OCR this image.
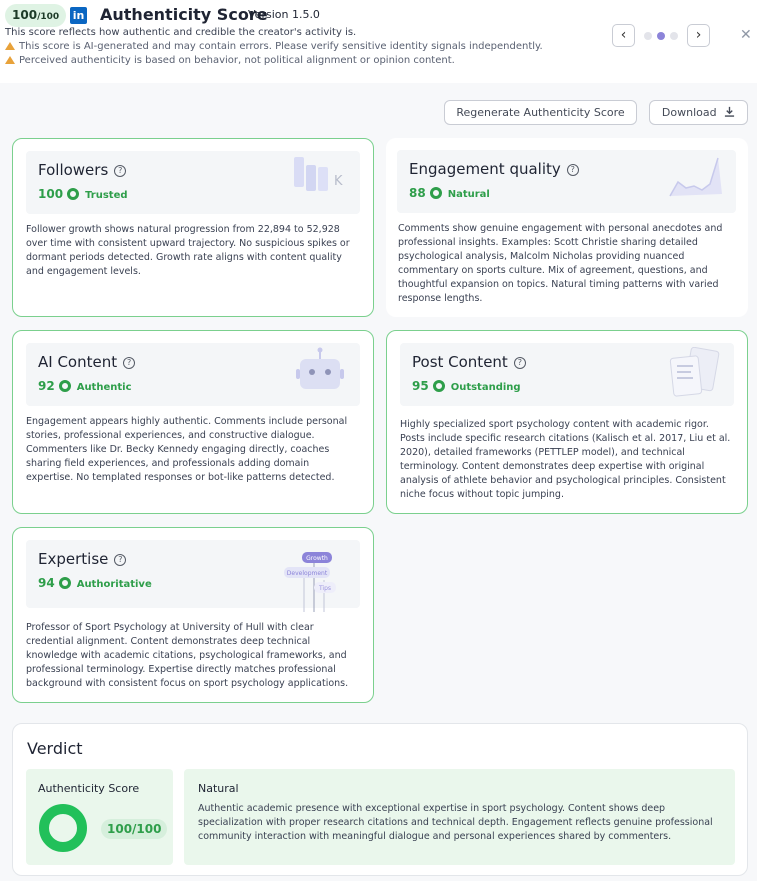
100/100	in Authenticity Score
Version 1.5.0
This score reflects how authentic and credible the creator's activity is.
This score is AI-generated and may contain errors. Please verify sensitive identity signals independently.
Perceived authenticity is based on behavior, not political alignment or opinion content.
‹	›	✕
Regenerate Authenticity Score	Download
Followers ?
100 Trusted
K
Follower growth shows natural progression from 22,894 to 52,928 over time with consistent upward trajectory. No suspicious spikes or dormant periods detected. Growth rate aligns with content quality and engagement levels.
Engagement quality ?
88 Natural
Comments show genuine engagement with personal anecdotes and professional insights. Examples: Scott Christie sharing detailed psychological analysis, Malcolm Nicholas providing nuanced commentary on sports culture. Mix of agreement, questions, and thoughtful expansion on topics. Natural timing patterns with varied response lengths.
AI Content ?
92 Authentic
Engagement appears highly authentic. Comments include personal stories, professional experiences, and constructive dialogue. Commenters like Dr. Becky Kennedy engaging directly, coaches sharing field experiences, and professionals adding domain expertise. No templated responses or bot-like patterns detected.
Post Content ?
95 Outstanding
Highly specialized sport psychology content with academic rigor. Posts include specific research citations (Kalisch et al. 2017, Liu et al. 2020), detailed frameworks (PETTLEP model), and technical terminology. Content demonstrates deep expertise with original analysis of athlete behavior and psychological principles. Consistent niche focus without topic jumping.
Expertise ?
94 Authoritative
Growth
Development
Tips
Professor of Sport Psychology at University of Hull with clear credential alignment. Content demonstrates deep technical knowledge with academic citations, psychological frameworks, and professional terminology. Expertise directly matches professional background with consistent focus on sport psychology applications.
Verdict
Authenticity Score
100/100
Natural
Authentic academic presence with exceptional expertise in sport psychology. Content shows deep specialization with proper research citations and technical depth. Engagement reflects genuine professional community interaction with meaningful dialogue and personal experiences shared by commenters.
